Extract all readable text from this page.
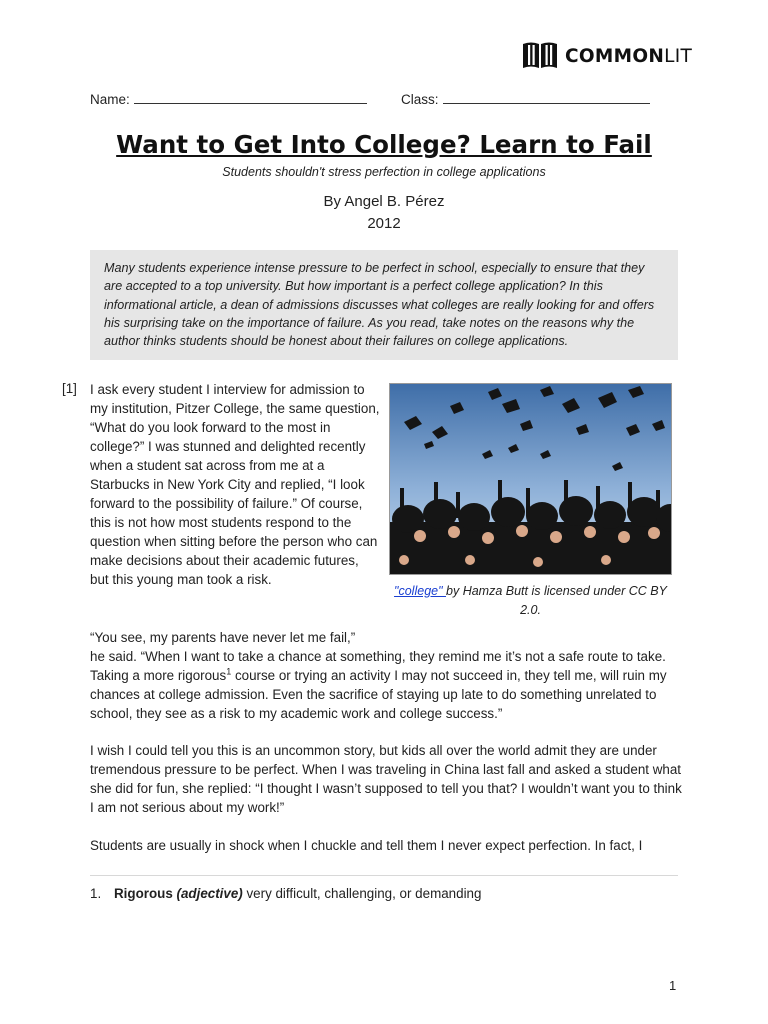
COMMONLIT
Name:	Class:
Want to Get Into College? Learn to Fail
Students shouldn't stress perfection in college applications
By Angel B. Pérez
2012
Many students experience intense pressure to be perfect in school, especially to ensure that they are accepted to a top university. But how important is a perfect college application? In this informational article, a dean of admissions discusses what colleges are really looking for and offers his surprising take on the importance of failure. As you read, take notes on the reasons why the author thinks students should be honest about their failures on college applications.
[1] I ask every student I interview for admission to my institution, Pitzer College, the same question, “What do you look forward to the most in college?” I was stunned and delighted recently when a student sat across from me at a Starbucks in New York City and replied, “I look forward to the possibility of failure.” Of course, this is not how most students respond to the question when sitting before the person who can make decisions about their academic futures, but this young man took a risk.
"college" by Hamza Butt is licensed under CC BY 2.0.
“You see, my parents have never let me fail,”
he said. “When I want to take a chance at something, they remind me it’s not a safe route to take. Taking a more rigorous$^1$ course or trying an activity I may not succeed in, they tell me, will ruin my chances at college admission. Even the sacrifice of staying up late to do something unrelated to school, they see as a risk to my academic work and college success.”
I wish I could tell you this is an uncommon story, but kids all over the world admit they are under tremendous pressure to be perfect. When I was traveling in China last fall and asked a student what she did for fun, she replied: “I thought I wasn’t supposed to tell you that? I wouldn’t want you to think I am not serious about my work!”
Students are usually in shock when I chuckle and tell them I never expect perfection. In fact, I
1. Rigorous (adjective) very difficult, challenging, or demanding
1
